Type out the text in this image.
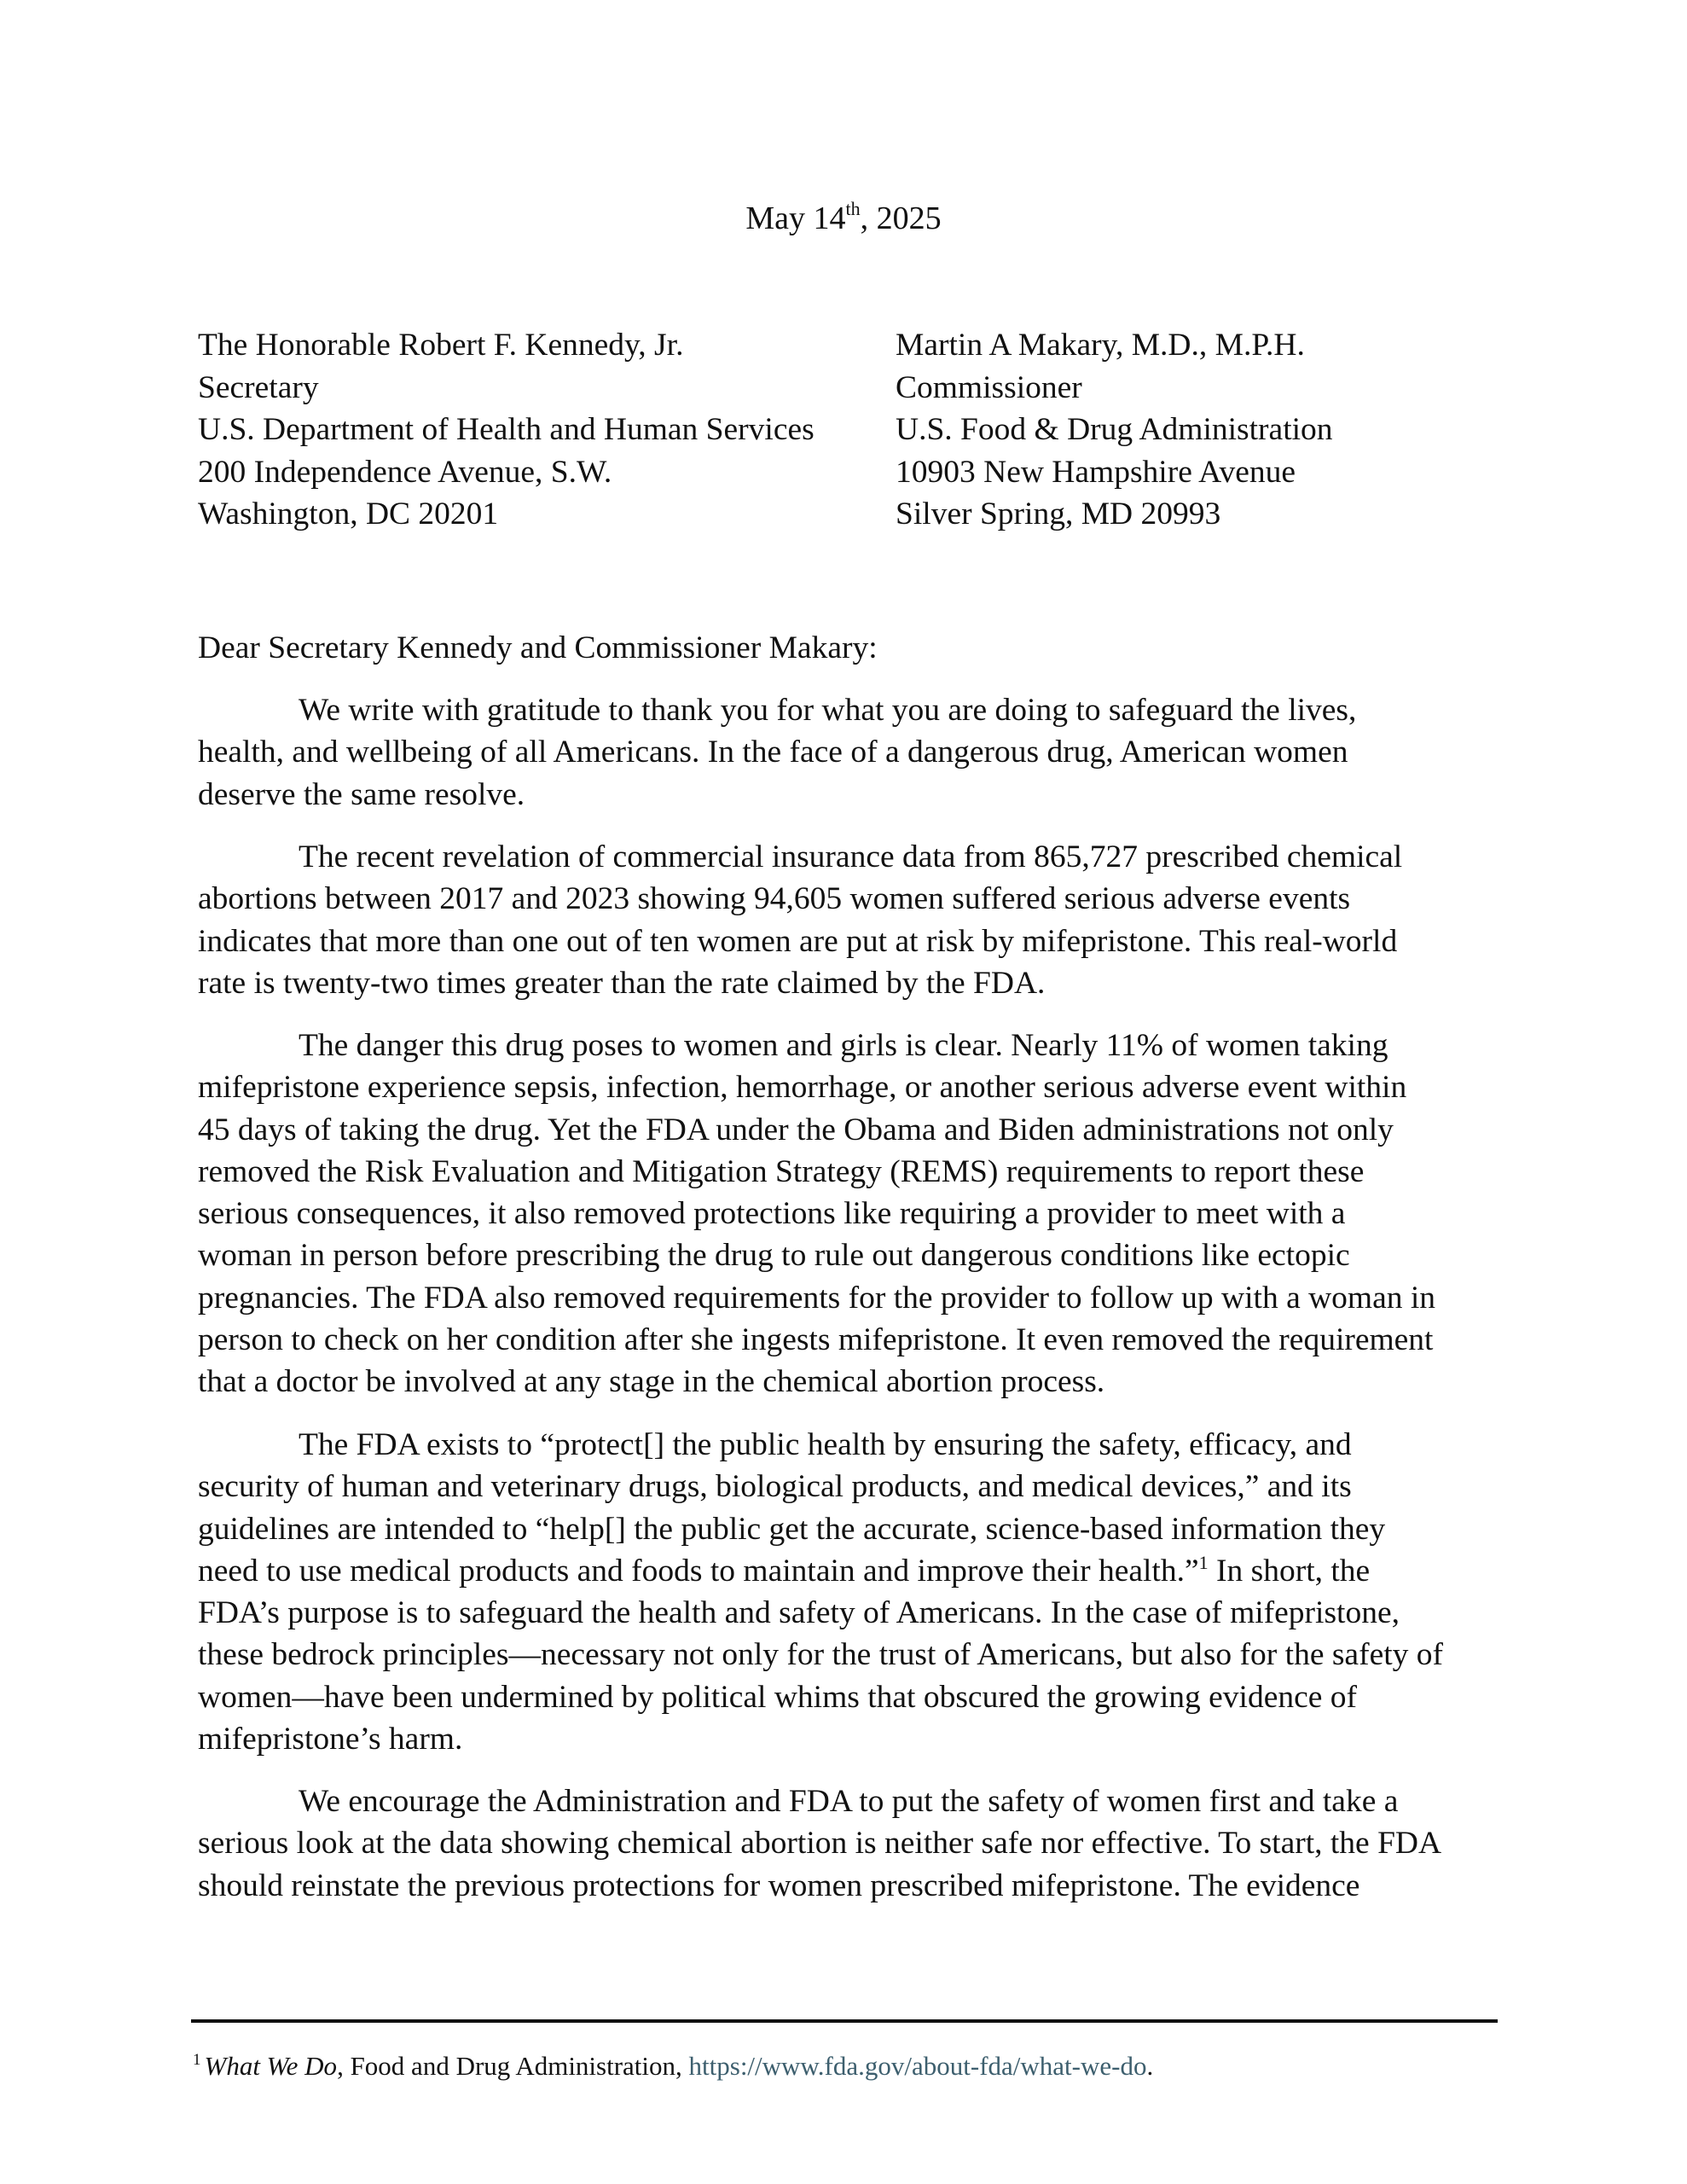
May 14th, 2025
The Honorable Robert F. Kennedy, Jr.
Secretary
U.S. Department of Health and Human Services
200 Independence Avenue, S.W.
Washington, DC 20201
Martin A Makary, M.D., M.P.H.
Commissioner
U.S. Food & Drug Administration
10903 New Hampshire Avenue
Silver Spring, MD 20993
Dear Secretary Kennedy and Commissioner Makary:
We write with gratitude to thank you for what you are doing to safeguard the lives,
health, and wellbeing of all Americans. In the face of a dangerous drug, American women
deserve the same resolve.
The recent revelation of commercial insurance data from 865,727 prescribed chemical
abortions between 2017 and 2023 showing 94,605 women suffered serious adverse events
indicates that more than one out of ten women are put at risk by mifepristone. This real-world
rate is twenty-two times greater than the rate claimed by the FDA.
The danger this drug poses to women and girls is clear. Nearly 11% of women taking
mifepristone experience sepsis, infection, hemorrhage, or another serious adverse event within
45 days of taking the drug. Yet the FDA under the Obama and Biden administrations not only
removed the Risk Evaluation and Mitigation Strategy (REMS) requirements to report these
serious consequences, it also removed protections like requiring a provider to meet with a
woman in person before prescribing the drug to rule out dangerous conditions like ectopic
pregnancies. The FDA also removed requirements for the provider to follow up with a woman in
person to check on her condition after she ingests mifepristone. It even removed the requirement
that a doctor be involved at any stage in the chemical abortion process.
The FDA exists to “protect[] the public health by ensuring the safety, efficacy, and
security of human and veterinary drugs, biological products, and medical devices,” and its
guidelines are intended to “help[] the public get the accurate, science-based information they
need to use medical products and foods to maintain and improve their health.”$^1$ In short, the
FDA’s purpose is to safeguard the health and safety of Americans. In the case of mifepristone,
these bedrock principles—necessary not only for the trust of Americans, but also for the safety of
women—have been undermined by political whims that obscured the growing evidence of
mifepristone’s harm.
We encourage the Administration and FDA to put the safety of women first and take a
serious look at the data showing chemical abortion is neither safe nor effective. To start, the FDA
should reinstate the previous protections for women prescribed mifepristone. The evidence
$^1$ What We Do, Food and Drug Administration, https://www.fda.gov/about-fda/what-we-do.
